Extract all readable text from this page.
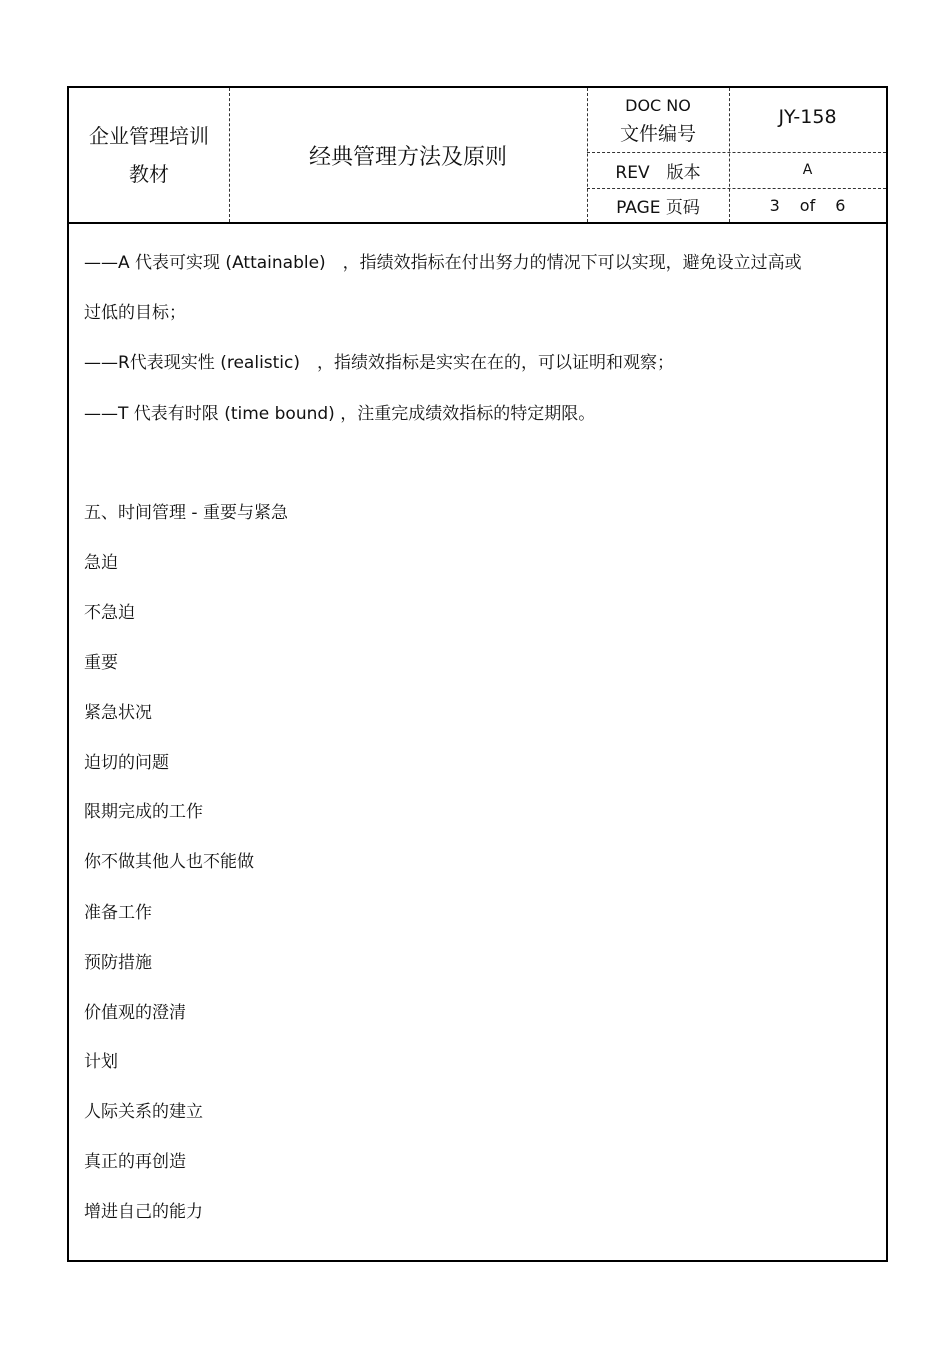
企业管理培训
教材
经典管理方法及原则
DOC NO
文件编号
JY-158
REV　版本	A
PAGE 页码	3 of 6
——A 代表可实现 (Attainable)　，指绩效指标在付出努力的情况下可以实现，避免设立过高或
过低的目标；
——R代表现实性 (realistic)　，指绩效指标是实实在在的，可以证明和观察；
——T 代表有时限 (time bound) ，注重完成绩效指标的特定期限。
五、时间管理 - 重要与紧急
急迫
不急迫
重要
紧急状况
迫切的问题
限期完成的工作
你不做其他人也不能做
准备工作
预防措施
价值观的澄清
计划
人际关系的建立
真正的再创造
增进自己的能力
